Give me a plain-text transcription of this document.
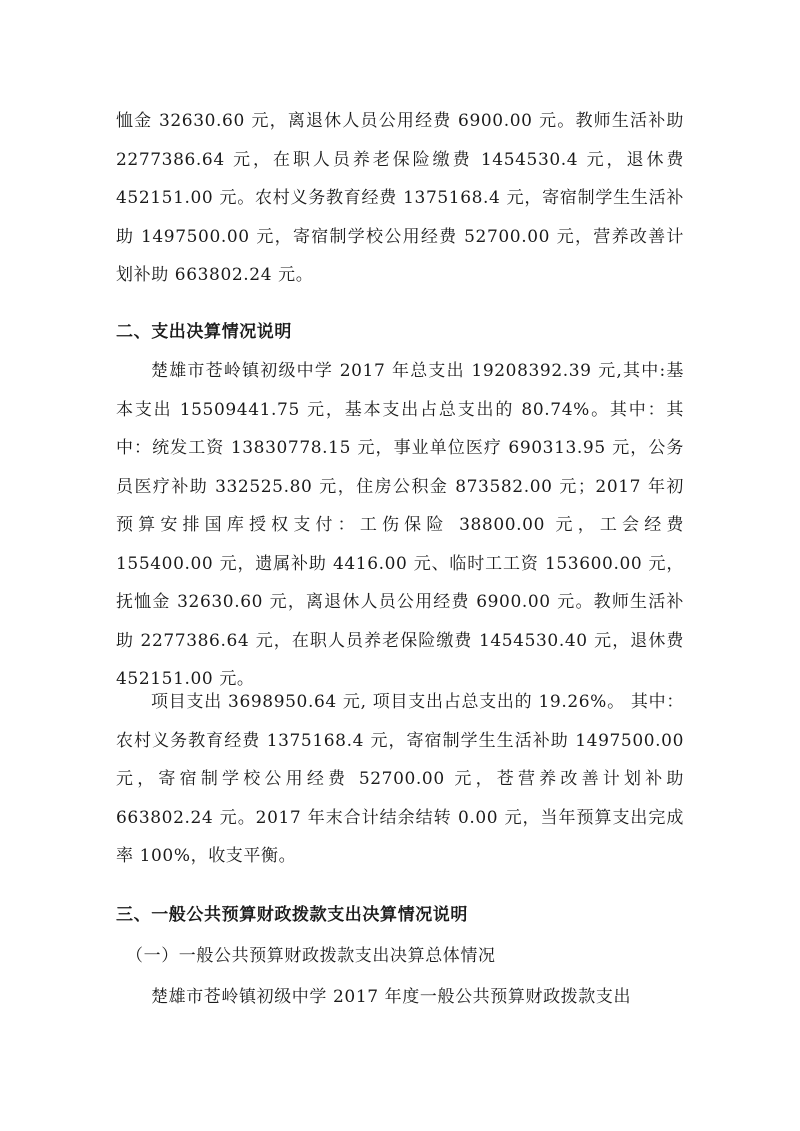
恤金 32630.60 元，离退休人员公用经费 6900.00 元。教师生活补助 2277386.64 元，在职人员养老保险缴费 1454530.4 元，退休费 452151.00 元。农村义务教育经费 1375168.4 元，寄宿制学生生活补助 1497500.00 元，寄宿制学校公用经费 52700.00 元，营养改善计划补助 663802.24 元。
二、支出决算情况说明
楚雄市苍岭镇初级中学 2017 年总支出 19208392.39 元,其中:基本支出 15509441.75 元，基本支出占总支出的 80.74%。其中：其中：统发工资 13830778.15 元，事业单位医疗 690313.95 元，公务员医疗补助 332525.80 元，住房公积金 873582.00 元；2017 年初预算安排国库授权支付：工伤保险 38800.00 元，工会经费 155400.00 元，遗属补助 4416.00 元、临时工工资 153600.00 元，抚恤金 32630.60 元，离退休人员公用经费 6900.00 元。教师生活补助 2277386.64 元，在职人员养老保险缴费 1454530.40 元，退休费 452151.00 元。
项目支出 3698950.64 元, 项目支出占总支出的 19.26%。 其中：农村义务教育经费 1375168.4 元，寄宿制学生生活补助 1497500.00 元，寄宿制学校公用经费 52700.00 元，苍营养改善计划补助 663802.24 元。2017 年末合计结余结转 0.00 元，当年预算支出完成率 100%，收支平衡。
三、一般公共预算财政拨款支出决算情况说明
（一）一般公共预算财政拨款支出决算总体情况
楚雄市苍岭镇初级中学 2017 年度一般公共预算财政拨款支出
